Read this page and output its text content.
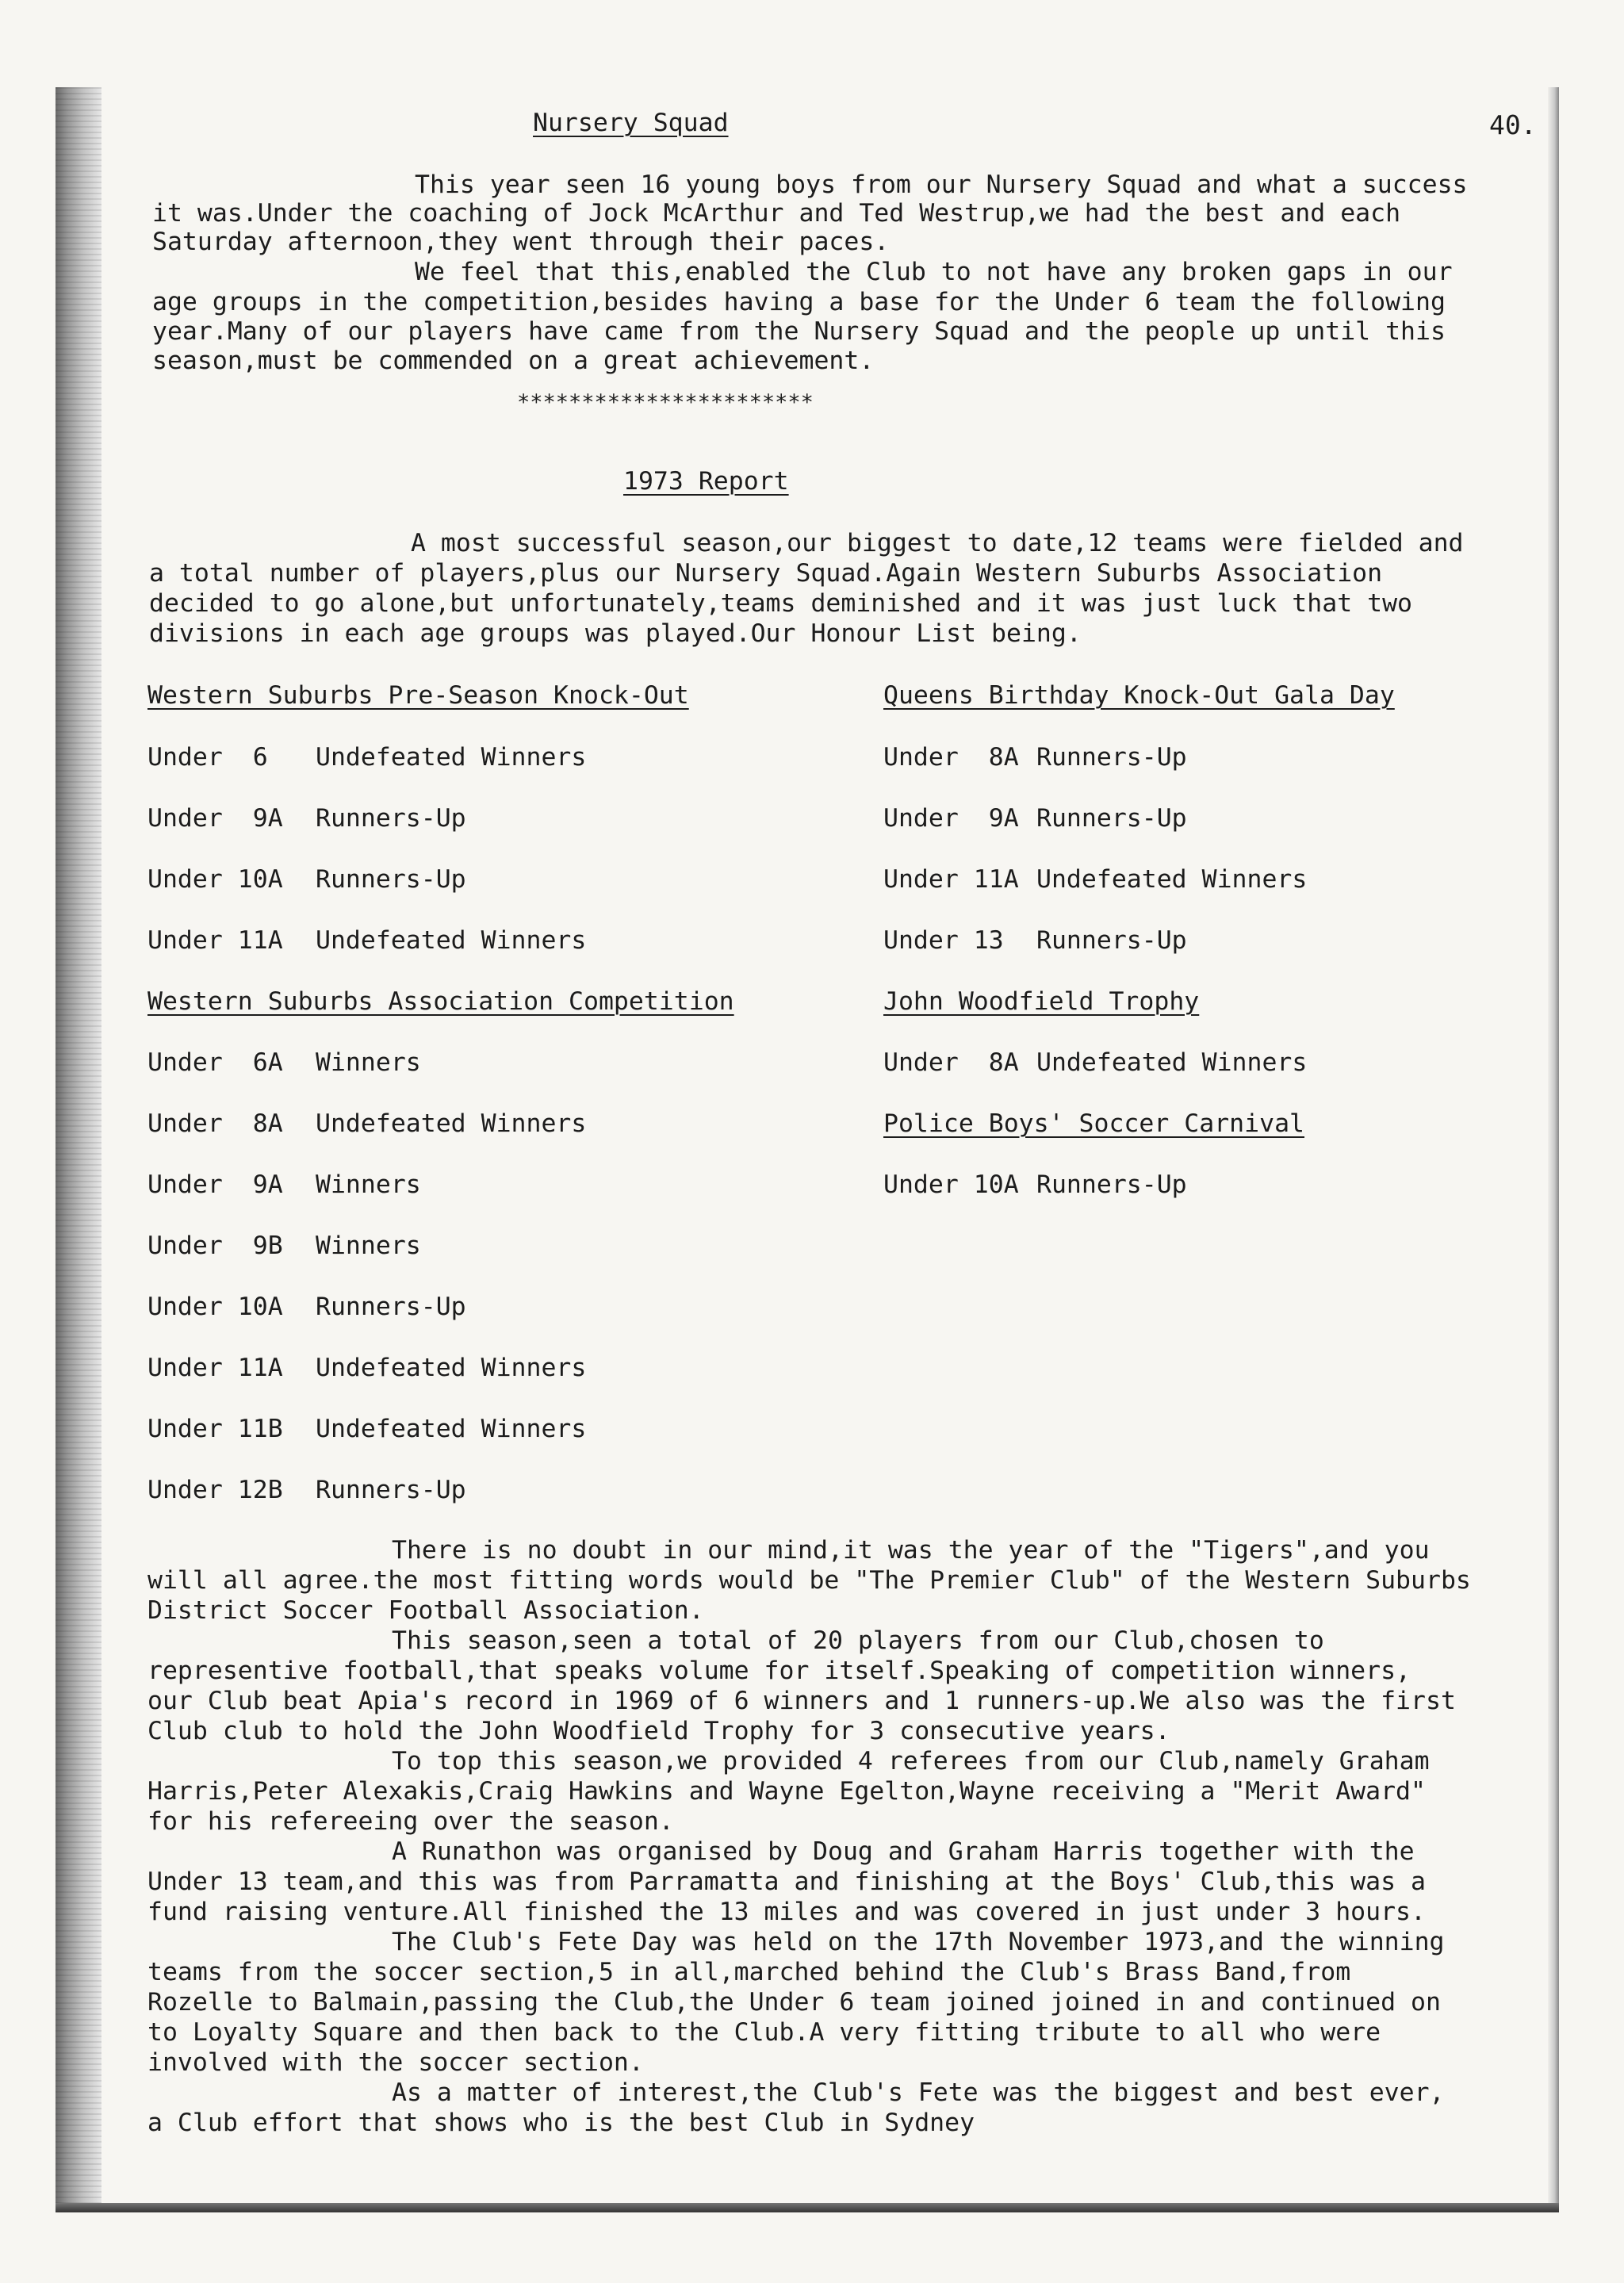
40.
Nursery Squad
This year seen 16 young boys from our Nursery Squad and what a success
it was.Under the coaching of Jock McArthur and Ted Westrup,we had the best and each
Saturday afternoon,they went through their paces.
We feel that this,enabled the Club to not have any broken gaps in our
age groups in the competition,besides having a base for the Under 6 team the following
year.Many of our players have came from the Nursery Squad and the people up until this
season,must be commended on a great achievement.
***********************
1973 Report
A most successful season,our biggest to date,12 teams were fielded and
a total number of players,plus our Nursery Squad.Again Western Suburbs Association
decided to go alone,but unfortunately,teams deminished and it was just luck that two
divisions in each age groups was played.Our Honour List being.
Western Suburbs Pre-Season Knock-Out
Under  6 Undefeated Winners
Under  9A Runners-Up
Under 10A Runners-Up
Under 11A Undefeated Winners
Western Suburbs Association Competition
Under  6A Winners
Under  8A Undefeated Winners
Under  9A Winners
Under  9B Winners
Under 10A Runners-Up
Under 11A Undefeated Winners
Under 11B Undefeated Winners
Under 12B Runners-Up
Queens Birthday Knock-Out Gala Day
Under  8A Runners-Up
Under  9A Runners-Up
Under 11A Undefeated Winners
Under 13 Runners-Up
John Woodfield Trophy
Under  8A Undefeated Winners
Police Boys' Soccer Carnival
Under 10A Runners-Up
There is no doubt in our mind,it was the year of the "Tigers",and you
will all agree.the most fitting words would be "The Premier Club" of the Western Suburbs
District Soccer Football Association.
This season,seen a total of 20 players from our Club,chosen to
representive football,that speaks volume for itself.Speaking of competition winners,
our Club beat Apia's record in 1969 of 6 winners and 1 runners-up.We also was the first
Club club to hold the John Woodfield Trophy for 3 consecutive years.
To top this season,we provided 4 referees from our Club,namely Graham
Harris,Peter Alexakis,Craig Hawkins and Wayne Egelton,Wayne receiving a "Merit Award"
for his refereeing over the season.
A Runathon was organised by Doug and Graham Harris together with the
Under 13 team,and this was from Parramatta and finishing at the Boys' Club,this was a
fund raising venture.All finished the 13 miles and was covered in just under 3 hours.
The Club's Fete Day was held on the 17th November 1973,and the winning
teams from the soccer section,5 in all,marched behind the Club's Brass Band,from
Rozelle to Balmain,passing the Club,the Under 6 team joined joined in and continued on
to Loyalty Square and then back to the Club.A very fitting tribute to all who were
involved with the soccer section.
As a matter of interest,the Club's Fete was the biggest and best ever,
a Club effort that shows who is the best Club in Sydney
